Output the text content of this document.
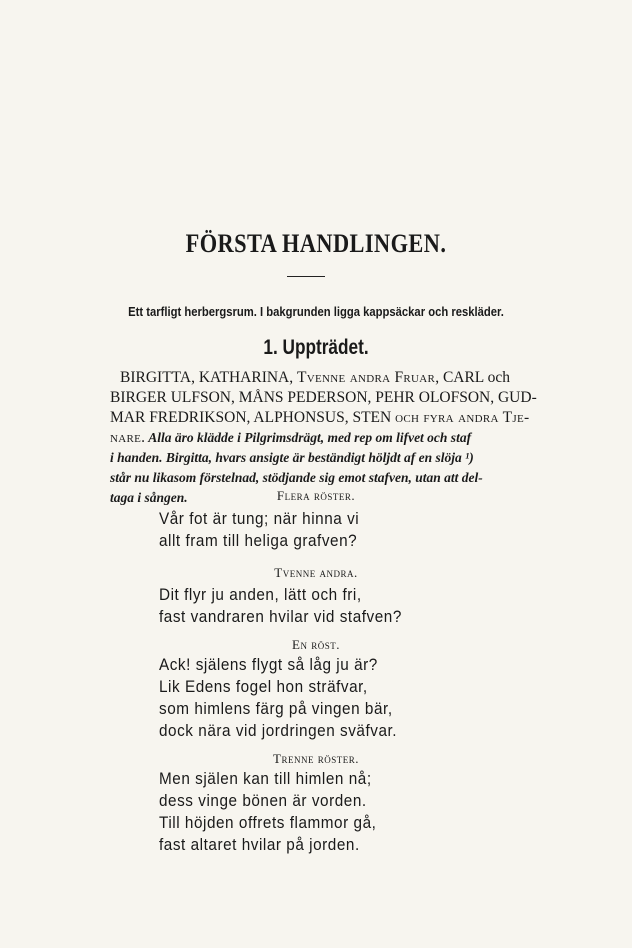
FÖRSTA HANDLINGEN.
Ett tarfligt herbergsrum. I bakgrunden ligga kappsäckar och reskläder.
1. Uppträdet.
BIRGITTA, KATHARINA, Tvenne andra Fruar, CARL och
BIRGER ULFSON, MÅNS PEDERSON, PEHR OLOFSON, GUD-
MAR FREDRIKSON, ALPHONSUS, STEN och fyra andra Tje-
nare. Alla äro klädde i Pilgrimsdrägt, med rep om lifvet och staf
i handen. Birgitta, hvars ansigte är beständigt höljdt af en slöja ¹)
står nu likasom förstelnad, stödjande sig emot stafven, utan att del-
taga i sången.	Flera röster.
Vår fot är tung; när hinna vi
allt fram till heliga grafven?
Tvenne andra.
Dit flyr ju anden, lätt och fri,
fast vandraren hvilar vid stafven?
En röst.
Ack! själens flygt så låg ju är?
Lik Edens fogel hon sträfvar,
som himlens färg på vingen bär,
dock nära vid jordringen sväfvar.
Trenne röster.
Men själen kan till himlen nå;
dess vinge bönen är vorden.
Till höjden offrets flammor gå,
fast altaret hvilar på jorden.
